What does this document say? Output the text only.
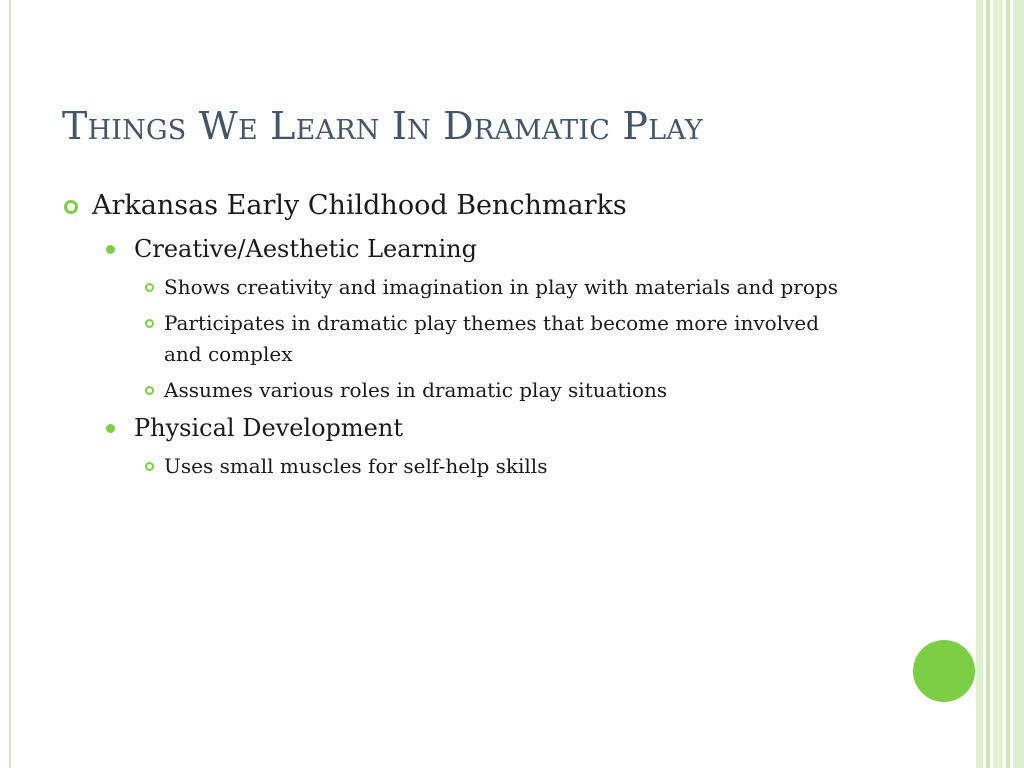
Things We Learn In Dramatic Play
Arkansas Early Childhood Benchmarks
Creative/Aesthetic Learning
Shows creativity and imagination in play with materials and props
Participates in dramatic play themes that become more involved and complex
Assumes various roles in dramatic play situations
Physical Development
Uses small muscles for self-help skills
